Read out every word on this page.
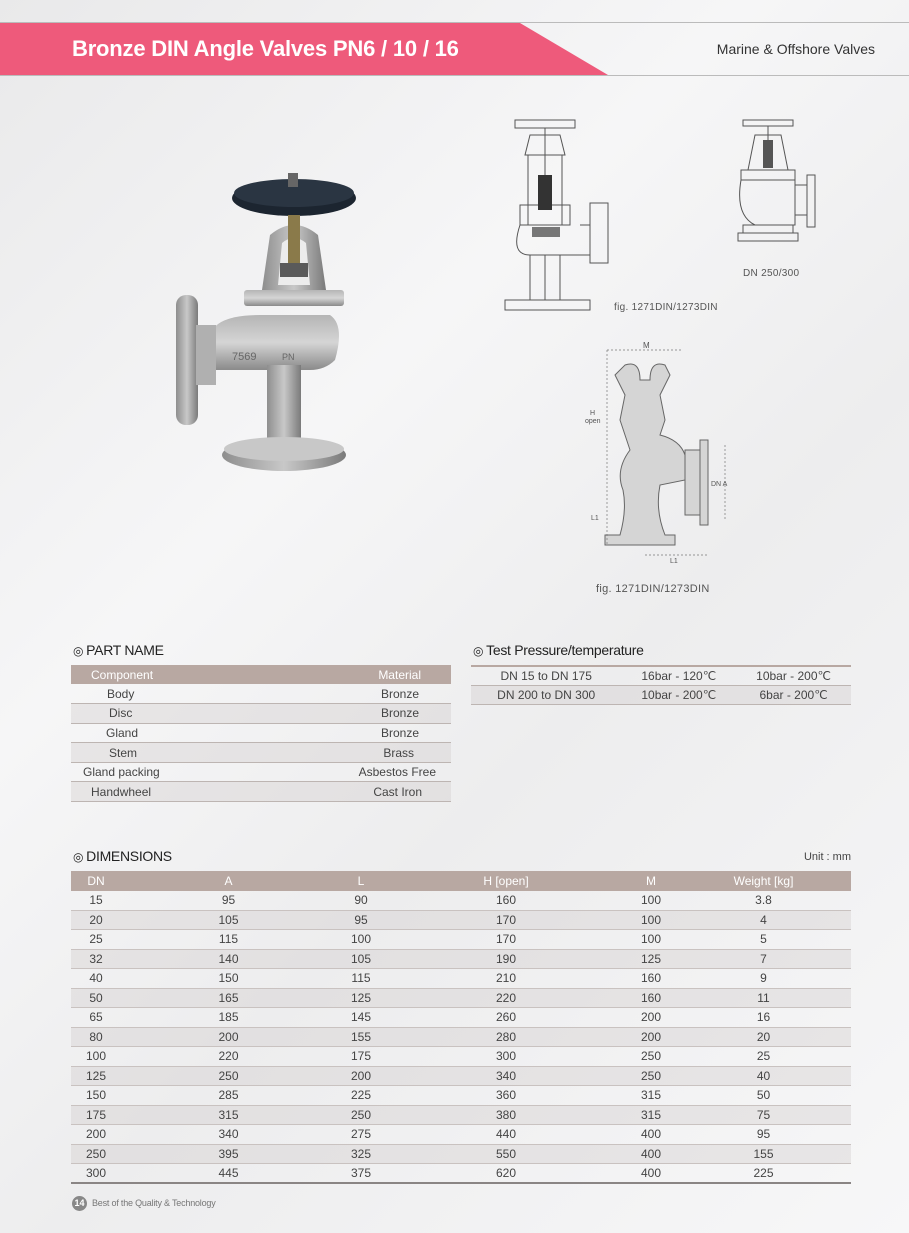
Bronze DIN Angle Valves PN6 / 10 / 16	Marine & Offshore Valves
7569	PN
fig. 1271DIN/1273DIN
DN 250/300
M
H
open
DN A
L1
L1
fig. 1271DIN/1273DIN
◎ PART NAME
Component	Material
Body	Bronze
Disc	Bronze
Gland	Bronze
Stem	Brass
Gland packing	Asbestos Free
Handwheel	Cast Iron
◎ Test Pressure/temperature
DN 15 to DN 175	16bar - 120℃	10bar - 200℃
DN 200 to DN 300	10bar - 200℃	6bar - 200℃
◎ DIMENSIONS	Unit : mm
DN	A	L	H [open]	M	Weight [kg]
15	95	90	160	100	3.8
20	105	95	170	100	4
25	115	100	170	100	5
32	140	105	190	125	7
40	150	115	210	160	9
50	165	125	220	160	11
65	185	145	260	200	16
80	200	155	280	200	20
100	220	175	300	250	25
125	250	200	340	250	40
150	285	225	360	315	50
175	315	250	380	315	75
200	340	275	440	400	95
250	395	325	550	400	155
300	445	375	620	400	225
14 Best of the Quality & Technology
